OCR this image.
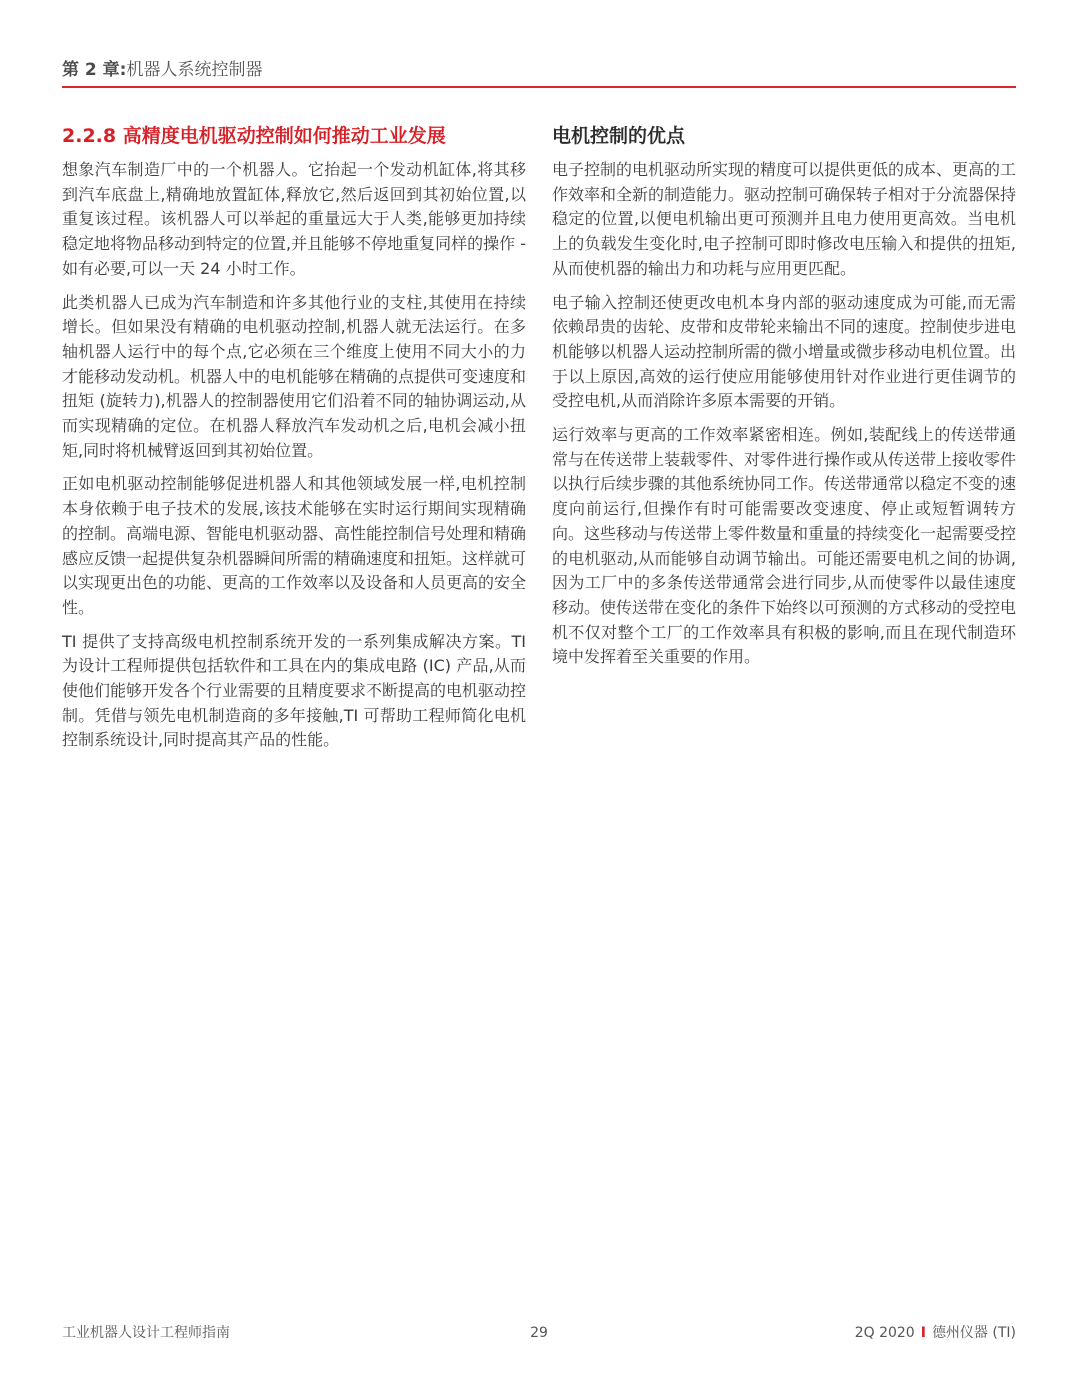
第 2 章:机器人系统控制器
2.2.8 高精度电机驱动控制如何推动工业发展

想象汽车制造厂中的一个机器人。它抬起一个发动机缸体,将其移到汽车底盘上,精确地放置缸体,释放它,然后返回到其初始位置,以重复该过程。该机器人可以举起的重量远大于人类,能够更加持续稳定地将物品移动到特定的位置,并且能够不停地重复同样的操作 - 如有必要,可以一天 24 小时工作。

此类机器人已成为汽车制造和许多其他行业的支柱,其使用在持续增长。但如果没有精确的电机驱动控制,机器人就无法运行。在多轴机器人运行中的每个点,它必须在三个维度上使用不同大小的力才能移动发动机。机器人中的电机能够在精确的点提供可变速度和扭矩 (旋转力),机器人的控制器使用它们沿着不同的轴协调运动,从而实现精确的定位。在机器人释放汽车发动机之后,电机会减小扭矩,同时将机械臂返回到其初始位置。

正如电机驱动控制能够促进机器人和其他领域发展一样,电机控制本身依赖于电子技术的发展,该技术能够在实时运行期间实现精确的控制。高端电源、智能电机驱动器、高性能控制信号处理和精确感应反馈一起提供复杂机器瞬间所需的精确速度和扭矩。这样就可以实现更出色的功能、更高的工作效率以及设备和人员更高的安全性。

TI 提供了支持高级电机控制系统开发的一系列集成解决方案。TI 为设计工程师提供包括软件和工具在内的集成电路 (IC) 产品,从而使他们能够开发各个行业需要的且精度要求不断提高的电机驱动控制。凭借与领先电机制造商的多年接触,TI 可帮助工程师简化电机控制系统设计,同时提高其产品的性能。

电机控制的优点

电子控制的电机驱动所实现的精度可以提供更低的成本、更高的工作效率和全新的制造能力。驱动控制可确保转子相对于分流器保持稳定的位置,以便电机输出更可预测并且电力使用更高效。当电机上的负载发生变化时,电子控制可即时修改电压输入和提供的扭矩,从而使机器的输出力和功耗与应用更匹配。

电子输入控制还使更改电机本身内部的驱动速度成为可能,而无需依赖昂贵的齿轮、皮带和皮带轮来输出不同的速度。控制使步进电机能够以机器人运动控制所需的微小增量或微步移动电机位置。出于以上原因,高效的运行使应用能够使用针对作业进行更佳调节的受控电机,从而消除许多原本需要的开销。

运行效率与更高的工作效率紧密相连。例如,装配线上的传送带通常与在传送带上装载零件、对零件进行操作或从传送带上接收零件以执行后续步骤的其他系统协同工作。传送带通常以稳定不变的速度向前运行,但操作有时可能需要改变速度、停止或短暂调转方向。这些移动与传送带上零件数量和重量的持续变化一起需要受控的电机驱动,从而能够自动调节输出。可能还需要电机之间的协调,因为工厂中的多条传送带通常会进行同步,从而使零件以最佳速度移动。使传送带在变化的条件下始终以可预测的方式移动的受控电机不仅对整个工厂的工作效率具有积极的影响,而且在现代制造环境中发挥着至关重要的作用。

工业机器人设计工程师指南	29	2Q 2020 I 德州仪器 (TI)
